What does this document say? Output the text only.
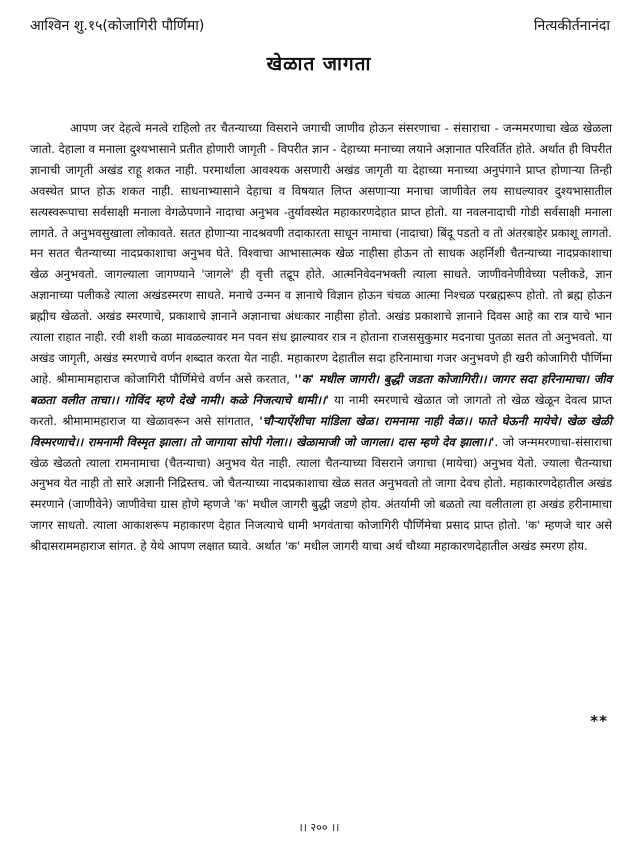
आश्विन शु.१५(कोजागिरी पौर्णिमा)	नित्यकीर्तनानंदा
खेळात जागता

आपण जर देहत्वे मनत्वे राहिलो तर चैतन्याच्या विसराने जगाची जाणीव होऊन संसरणाचा - संसाराचा - जन्ममरणाचा खेळ खेळला जातो. देहाला व मनाला दुश्यभासाने प्रतीत होणारी जागृती - विपरीत ज्ञान - देहाच्या मनाच्या लयाने अज्ञानात परिवर्तित होते. अर्थात ही विपरीत ज्ञानाची जागृती अखंड राहू शकत नाही. परमार्थाला आवश्यक असणारी अखंड जागृती या देहाच्या मनाच्या अनुपंगाने प्राप्त होणाऱ्या तिन्ही अवस्थेत प्राप्त होऊ शकत नाही. साधनाभ्यासाने देहाचा व विषयात लिप्त असणाऱ्या मनाचा जाणीवेत लय साधल्यावर दुश्यभासातील सत्यस्वरूपाचा सर्वसाक्षी मनाला वेगळेपणाने नादाचा अनुभव -तुर्यावस्थेत महाकारणदेहात प्राप्त होतो. या नवलनादाची गोडी सर्वसाक्षी मनाला लागते. ते अनुभवसुखाला लोकावते. सतत होणाऱ्या नादश्रवणी तदाकारता साधून नामाचा (नादाचा) बिंदू पडतो व तो अंतरबाहेर प्रकाशू लागतो. मन सतत चैतन्याच्या नादप्रकाशाचा अनुभव घेते. विश्वाचा आभासात्मक खेळ नाहीसा होऊन तो साधक अहर्निशी चैतन्याच्या नादप्रकाशाचा खेळ अनुभवतो. जागल्याला जागण्याने 'जागले' ही वृत्ती तद्रूप होते. आत्मनिवेदनभक्ती त्याला साधते. जाणीवनेणीवेच्या पलीकडे, ज्ञान अज्ञानाच्या पलीकडे त्याला अखंडस्मरण साधते. मनाचे उन्मन व ज्ञानाचे विज्ञान होऊन चंचळ आत्मा निश्चळ परब्रह्मरूप होतो. तो ब्रह्म होऊन ब्रह्मीच खेळतो. अखंड स्मरणाचे, प्रकाशाचे ज्ञानाने अज्ञानाचा अंधःकार नाहीसा होतो. अखंड प्रकाशाचे ज्ञानाने दिवस आहे का रात्र याचे भान त्याला राहात नाही. रवी शशी कळा मावळल्यावर मन पवन संध झाल्यावर रात्र न होताना राजससुकुमार मदनाचा पुतळा सतत तो अनुभवतो. या अखंड जागृती, अखंड स्मरणाचे वर्णन शब्दात करता येत नाही. महाकारण देहातील सदा हरिनामाचा गजर अनुभवणे ही खरी कोजागिरी पौर्णिमा आहे. श्रीमामामहाराज कोजागिरी पौर्णिमेचे वर्णन असे करतात, ''क' मधील जागरी। बुद्धी जडता कोजागिरी।। जागर सदा हरिनामाचा। जीव बळता वलीत ताचा।। गोविंद म्हणे देखे नामी। कळे निजत्याचे धामी।।' या नामी स्मरणाचे खेळात जो जागतो तो खेळ खेळून देवत्व प्राप्त करतो. श्रीमामामहाराज या खेळावरून असे सांगतात, 'चौऱ्याऐंशीचा मांडिला खेळ। रामनामा नाही वेळ।। फाते घेऊनी मायेचे। खेळ खेळी विस्मरणाचे।। रामनामी विस्मृत झाला। तो जागाया सोपी गेला।। खेळामाजी जो जागला। दास म्हणे देव झाला।।'. जो जन्ममरणाचा-संसाराचा खेळ खेळतो त्याला रामनामाचा (चैतन्याचा) अनुभव येत नाही. त्याला चैतन्याच्या विसराने जगाचा (मायेचा) अनुभव येतो. ज्याला चैतन्याचा अनुभव येत नाही तो सारे अज्ञानी निद्रिस्तच. जो चैतन्याच्या नादप्रकाशाचा खेळ सतत अनुभवतो तो जागा देवच होतो. महाकारणदेहातील अखंड स्मरणाने (जाणीवेने) जाणीवेचा ग्रास होणे म्हणजे 'क' मधील जागरी बुद्धी जडणे होय. अंतर्यामी जो बळतो त्या वलीताला हा अखंड हरीनामाचा जागर साधतो. त्याला आकाशरूप महाकारण देहात निजत्याचे धामी भगवंताचा कोजागिरी पौर्णिमेचा प्रसाद प्राप्त होतो. 'क' म्हणजे चार असे श्रीदासराममहाराज सांगत. हे येथे आपण लक्षात घ्यावे. अर्थात 'क' मधील जागरी याचा अर्थ चौथ्या महाकारणदेहातील अखंड स्मरण होय.

**
।। २०० ।।
